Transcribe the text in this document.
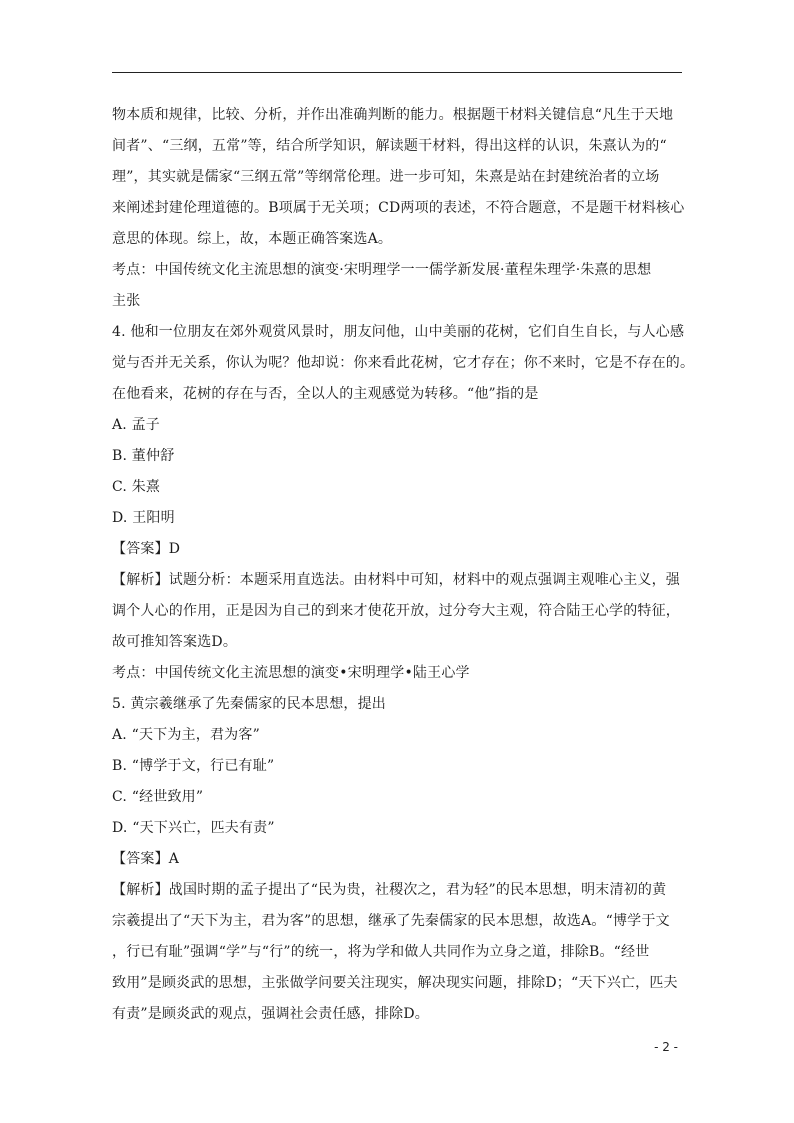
物本质和规律，比较、分析，并作出准确判断的能力。根据题干材料关键信息“凡生于天地
间者”、“三纲，五常”等，结合所学知识，解读题干材料，得出这样的认识，朱熹认为的“
理”，其实就是儒家“三纲五常”等纲常伦理。进一步可知，朱熹是站在封建统治者的立场
来阐述封建伦理道德的。B项属于无关项；CD两项的表述，不符合题意，不是题干材料核心
意思的体现。综上，故，本题正确答案选A。
考点：中国传统文化主流思想的演变·宋明理学一一儒学新发展·董程朱理学·朱熹的思想
主张
4. 他和一位朋友在郊外观赏风景时，朋友问他，山中美丽的花树，它们自生自长，与人心感
觉与否并无关系，你认为呢？他却说：你来看此花树，它才存在；你不来时，它是不存在的。
在他看来，花树的存在与否，全以人的主观感觉为转移。“他”指的是
A. 孟子
B. 董仲舒
C. 朱熹
D. 王阳明
【答案】D
【解析】试题分析：本题采用直选法。由材料中可知，材料中的观点强调主观唯心主义，强
调个人心的作用，正是因为自己的到来才使花开放，过分夸大主观，符合陆王心学的特征，
故可推知答案选D。
考点：中国传统文化主流思想的演变•宋明理学•陆王心学
5. 黄宗羲继承了先秦儒家的民本思想，提出
A. “天下为主，君为客”
B. “博学于文，行已有耻”
C. “经世致用”
D. “天下兴亡，匹夫有责”
【答案】A
【解析】战国时期的孟子提出了“民为贵，社稷次之，君为轻”的民本思想，明末清初的黄
宗羲提出了“天下为主，君为客”的思想，继承了先秦儒家的民本思想，故选A。“博学于文
，行已有耻”强调“学”与“行”的统一，将为学和做人共同作为立身之道，排除B。“经世
致用”是顾炎武的思想，主张做学问要关注现实，解决现实问题，排除D；“天下兴亡，匹夫
有责”是顾炎武的观点，强调社会责任感，排除D。
- 2 -
